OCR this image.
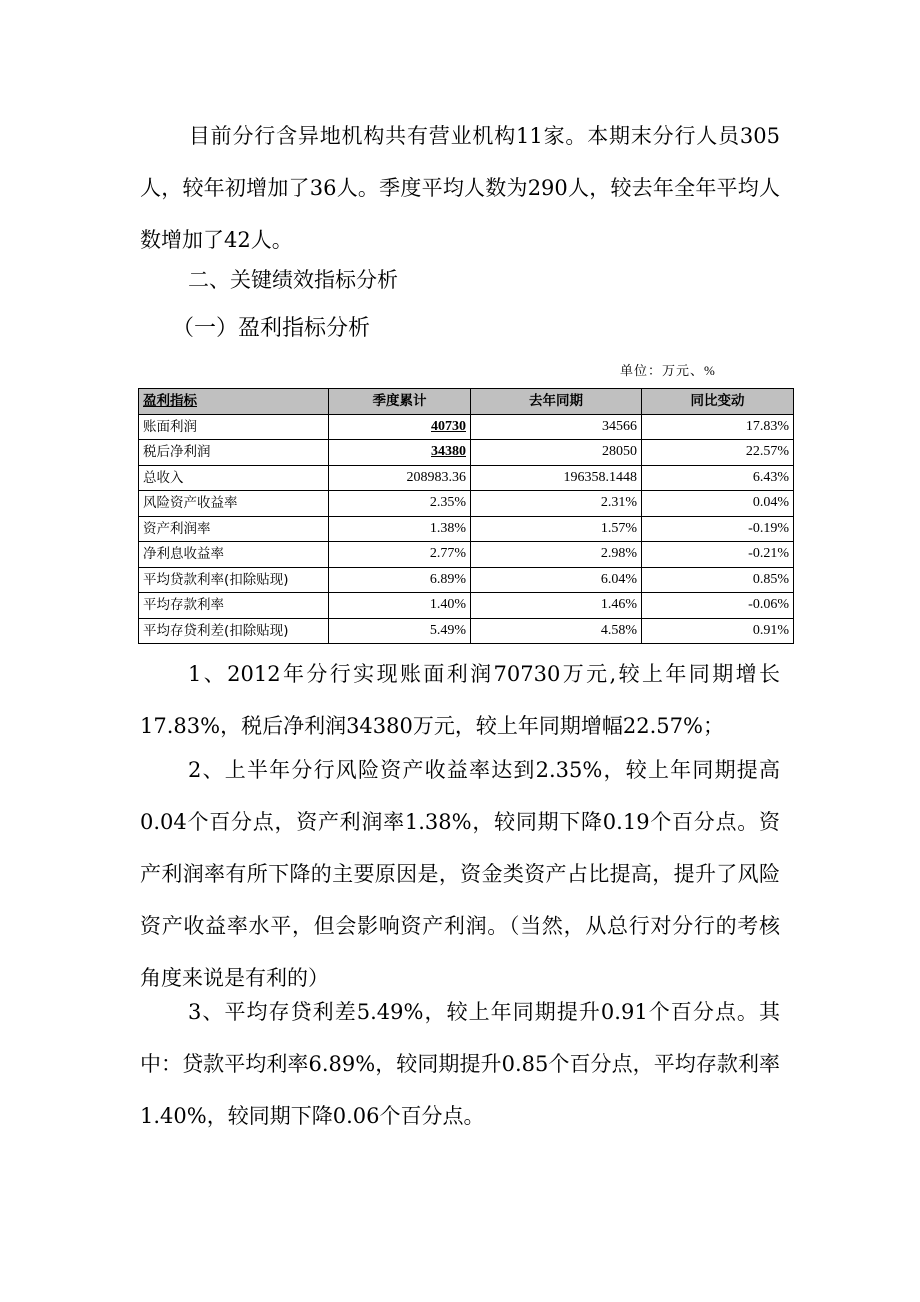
目前分行含异地机构共有营业机构11家。本期末分行人员305人，较年初增加了36人。季度平均人数为290人，较去年全年平均人数增加了42人。

二、关键绩效指标分析

（一）盈利指标分析

单位：万元、%
盈利指标	季度累计	去年同期	同比变动
账面利润	40730	34566	17.83%
税后净利润	34380	28050	22.57%
总收入	208983.36	196358.1448	6.43%
风险资产收益率	2.35%	2.31%	0.04%
资产利润率	1.38%	1.57%	-0.19%
净利息收益率	2.77%	2.98%	-0.21%
平均贷款利率(扣除贴现)	6.89%	6.04%	0.85%
平均存款利率	1.40%	1.46%	-0.06%
平均存贷利差(扣除贴现)	5.49%	4.58%	0.91%

1、2012年分行实现账面利润70730万元,较上年同期增长17.83%，税后净利润34380万元，较上年同期增幅22.57%；

2、上半年分行风险资产收益率达到2.35%，较上年同期提高0.04个百分点，资产利润率1.38%，较同期下降0.19个百分点。资产利润率有所下降的主要原因是，资金类资产占比提高，提升了风险资产收益率水平，但会影响资产利润。（当然，从总行对分行的考核角度来说是有利的）

3、平均存贷利差5.49%，较上年同期提升0.91个百分点。其中：贷款平均利率6.89%，较同期提升0.85个百分点，平均存款利率1.40%，较同期下降0.06个百分点。
